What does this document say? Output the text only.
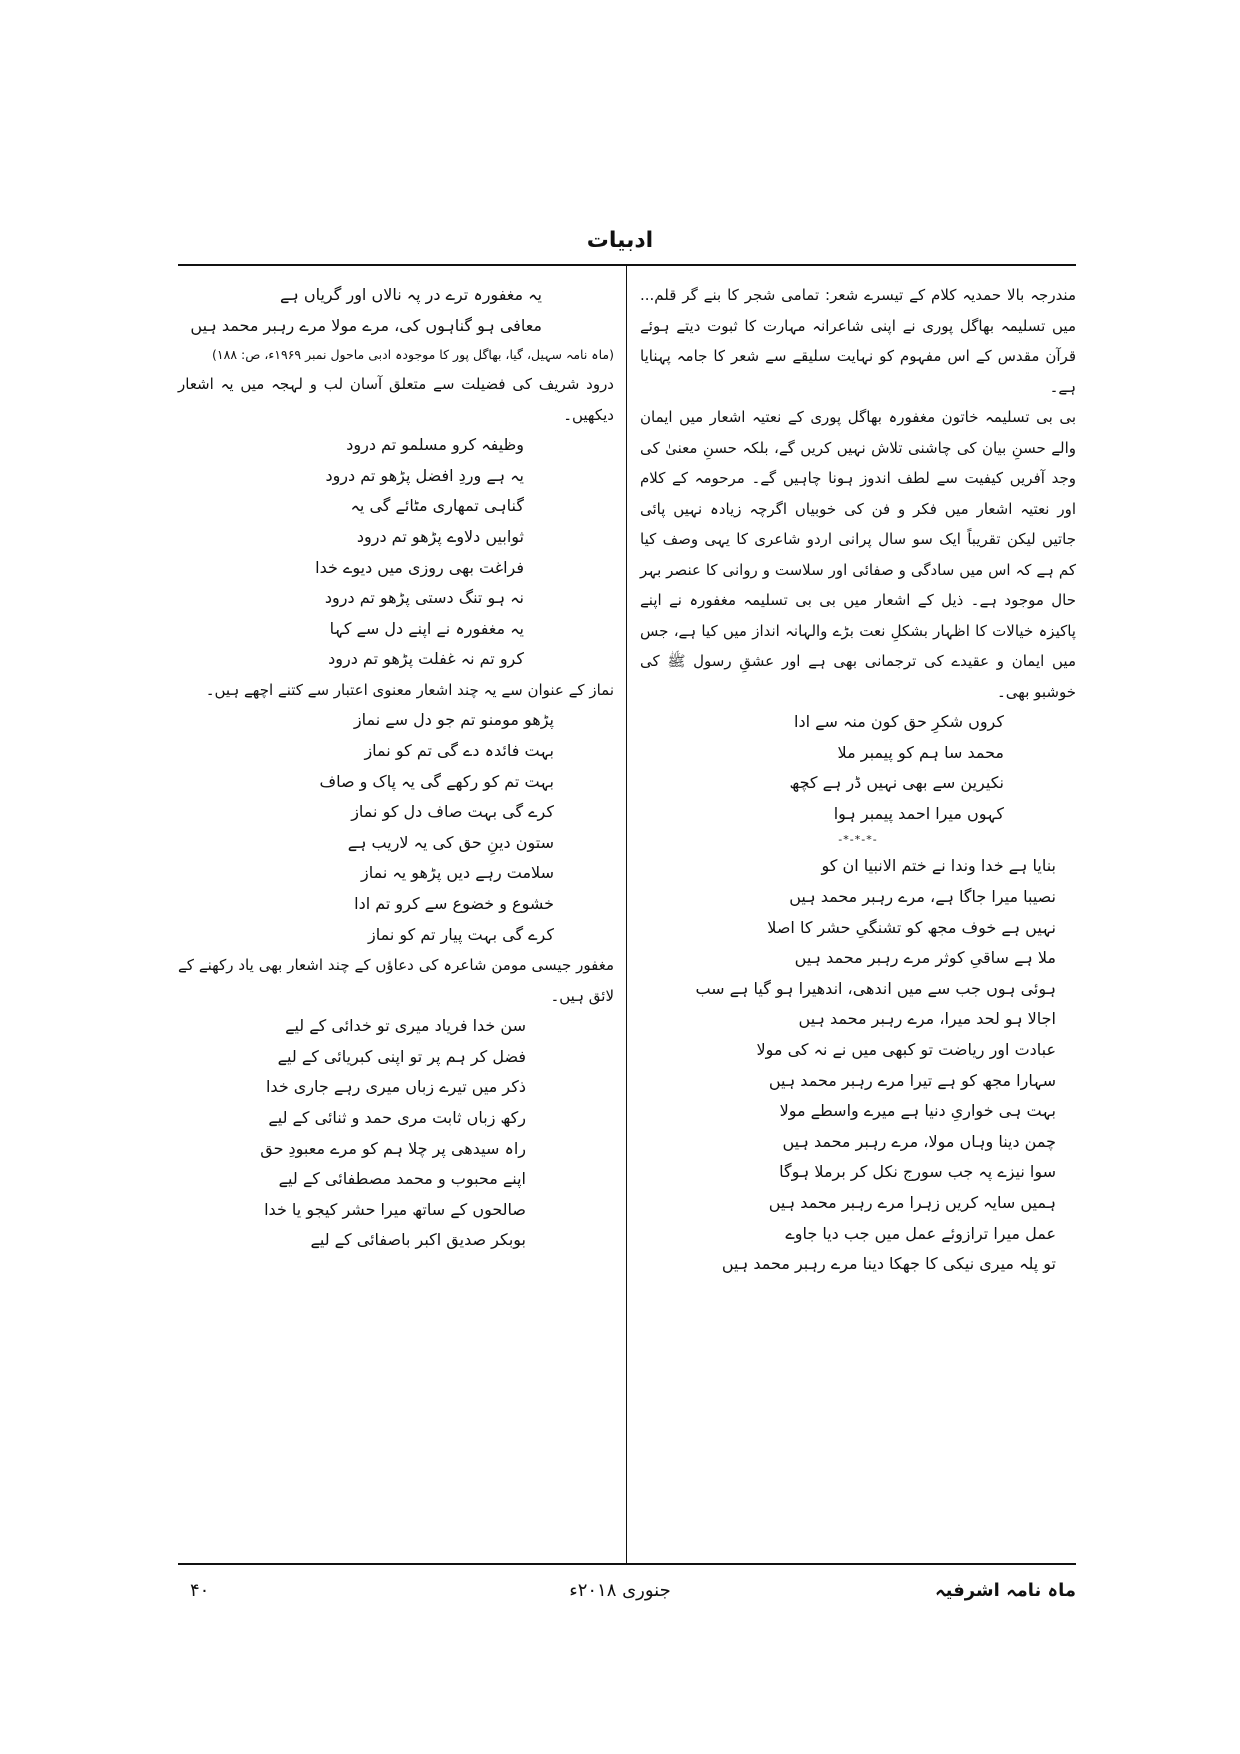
ادبیات

مندرجہ بالا حمدیہ کلام کے تیسرے شعر: تمامی شجر کا بنے گر قلم... میں تسلیمہ بھاگل پوری نے اپنی شاعرانہ مہارت کا ثبوت دیتے ہوئے قرآن مقدس کے اس مفہوم کو نہایت سلیقے سے شعر کا جامہ پہنایا ہے۔

بی بی تسلیمہ خاتون مغفورہ بھاگل پوری کے نعتیہ اشعار میں ایمان والے حسنِ بیان کی چاشنی تلاش نہیں کریں گے، بلکہ حسنِ معنیٰ کی وجد آفریں کیفیت سے لطف اندوز ہونا چاہیں گے۔ مرحومہ کے کلام اور نعتیہ اشعار میں فکر و فن کی خوبیاں اگرچہ زیادہ نہیں پائی جاتیں لیکن تقریباً ایک سو سال پرانی اردو شاعری کا یہی وصف کیا کم ہے کہ اس میں سادگی و صفائی اور سلاست و روانی کا عنصر بہر حال موجود ہے۔ ذیل کے اشعار میں بی بی تسلیمہ مغفورہ نے اپنے پاکیزہ خیالات کا اظہار بشکلِ نعت بڑے والہانہ انداز میں کیا ہے، جس میں ایمان و عقیدے کی ترجمانی بھی ہے اور عشقِ رسول ﷺ کی خوشبو بھی۔

کروں شکرِ حق کون منہ سے ادا
محمد سا ہم کو پیمبر ملا
نکیرین سے بھی نہیں ڈر ہے کچھ
کہوں میرا احمد پیمبر ہوا
-*-*-*-
بنایا ہے خدا وندا نے ختم الانبیا ان کو
نصیبا میرا جاگا ہے، مرے رہبر محمد ہیں
نہیں ہے خوف مجھ کو تشنگیِ حشر کا اصلا
ملا ہے ساقیِ کوثر مرے رہبر محمد ہیں
ہوئی ہوں جب سے میں اندھی، اندھیرا ہو گیا ہے سب
اجالا ہو لحد میرا، مرے رہبر محمد ہیں
عبادت اور ریاضت تو کبھی میں نے نہ کی مولا
سہارا مجھ کو ہے تیرا مرے رہبر محمد ہیں
بہت ہی خواریِ دنیا ہے میرے واسطے مولا
چمن دینا وہاں مولا، مرے رہبر محمد ہیں
سوا نیزے پہ جب سورج نکل کر برملا ہوگا
ہمیں سایہ کریں زہرا مرے رہبر محمد ہیں
عمل میرا ترازوئے عمل میں جب دیا جاوے
تو پلہ میری نیکی کا جھکا دینا مرے رہبر محمد ہیں
یہ مغفورہ ترے در پہ نالاں اور گریاں ہے
معافی ہو گناہوں کی، مرے مولا مرے رہبر محمد ہیں

(ماہ نامہ سہیل، گیا، بھاگل پور کا موجودہ ادبی ماحول نمبر ۱۹۶۹ء، ص: ۱۸۸)

درود شریف کی فضیلت سے متعلق آسان لب و لہجہ میں یہ اشعار دیکھیں۔

وظیفہ کرو مسلمو تم درود
یہ ہے وردِ افضل پڑھو تم درود
گناہی تمھاری مٹائے گی یہ
ثوابیں دلاوے پڑھو تم درود
فراغت بھی روزی میں دیوے خدا
نہ ہو تنگ دستی پڑھو تم درود
یہ مغفورہ نے اپنے دل سے کہا
کرو تم نہ غفلت پڑھو تم درود

نماز کے عنوان سے یہ چند اشعار معنوی اعتبار سے کتنے اچھے ہیں۔

پڑھو مومنو تم جو دل سے نماز
بہت فائدہ دے گی تم کو نماز
بہت تم کو رکھے گی یہ پاک و صاف
کرے گی بہت صاف دل کو نماز
ستون دینِ حق کی یہ لاریب ہے
سلامت رہے دیں پڑھو یہ نماز
خشوع و خضوع سے کرو تم ادا
کرے گی بہت پیار تم کو نماز

مغفور جیسی مومن شاعرہ کی دعاؤں کے چند اشعار بھی یاد رکھنے کے لائق ہیں۔

سن خدا فریاد میری تو خدائی کے لیے
فضل کر ہم پر تو اپنی کبریائی کے لیے
ذکر میں تیرے زباں میری رہے جاری خدا
رکھ زباں ثابت مری حمد و ثنائی کے لیے
راہ سیدھی پر چلا ہم کو مرے معبودِ حق
اپنے محبوب و محمد مصطفائی کے لیے
صالحوں کے ساتھ میرا حشر کیجو یا خدا
بوبکر صدیق اکبر باصفائی کے لیے
ماہ نامہ اشرفیہ
جنوری ۲۰۱۸ء
۴۰
